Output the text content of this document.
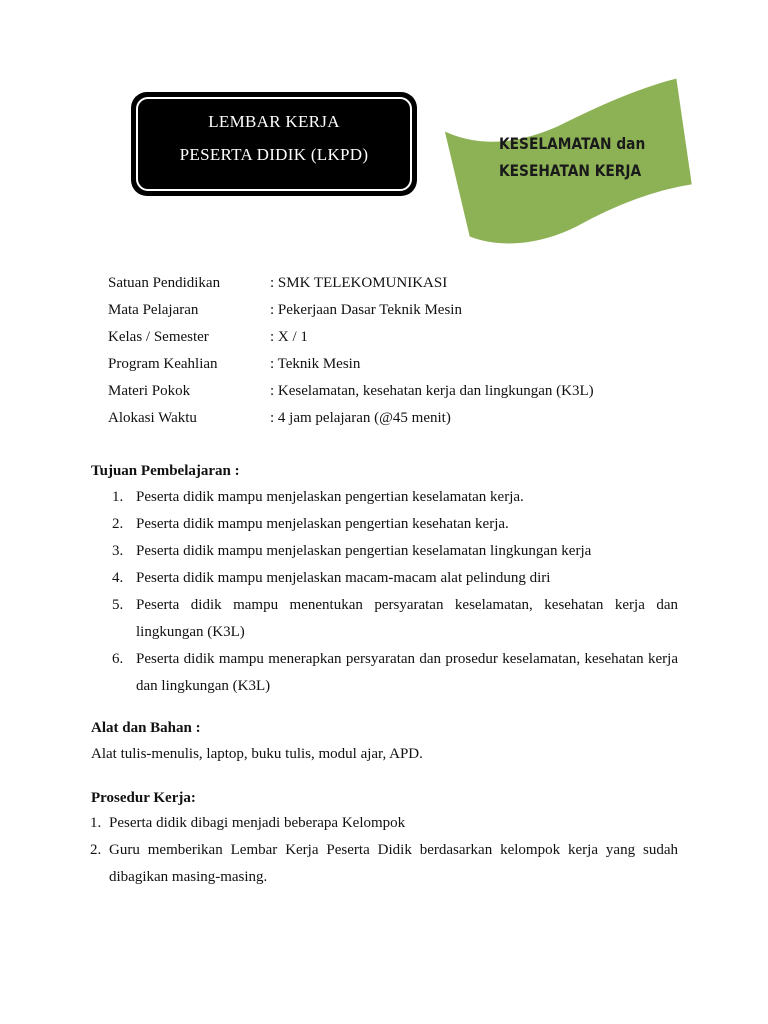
LEMBAR KERJA
PESERTA DIDIK (LKPD)
KESELAMATAN dan
KESEHATAN KERJA
Satuan Pendidikan	: SMK TELEKOMUNIKASI
Mata Pelajaran	: Pekerjaan Dasar Teknik Mesin
Kelas / Semester	: X / 1
Program Keahlian	: Teknik Mesin
Materi Pokok	: Keselamatan, kesehatan kerja dan lingkungan (K3L)
Alokasi Waktu	: 4 jam pelajaran (@45 menit)
Tujuan Pembelajaran :
1. Peserta didik mampu menjelaskan pengertian keselamatan kerja.
2. Peserta didik mampu menjelaskan pengertian kesehatan kerja.
3. Peserta didik mampu menjelaskan pengertian keselamatan lingkungan kerja
4. Peserta didik mampu menjelaskan macam-macam alat pelindung diri
5. Peserta didik mampu menentukan persyaratan keselamatan, kesehatan kerja dan lingkungan (K3L)
6. Peserta didik mampu menerapkan persyaratan dan prosedur keselamatan, kesehatan kerja dan lingkungan (K3L)
Alat dan Bahan :
Alat tulis-menulis, laptop, buku tulis, modul ajar, APD.
Prosedur Kerja:
1. Peserta didik dibagi menjadi beberapa Kelompok
2. Guru memberikan Lembar Kerja Peserta Didik berdasarkan kelompok kerja yang sudah dibagikan masing-masing.
